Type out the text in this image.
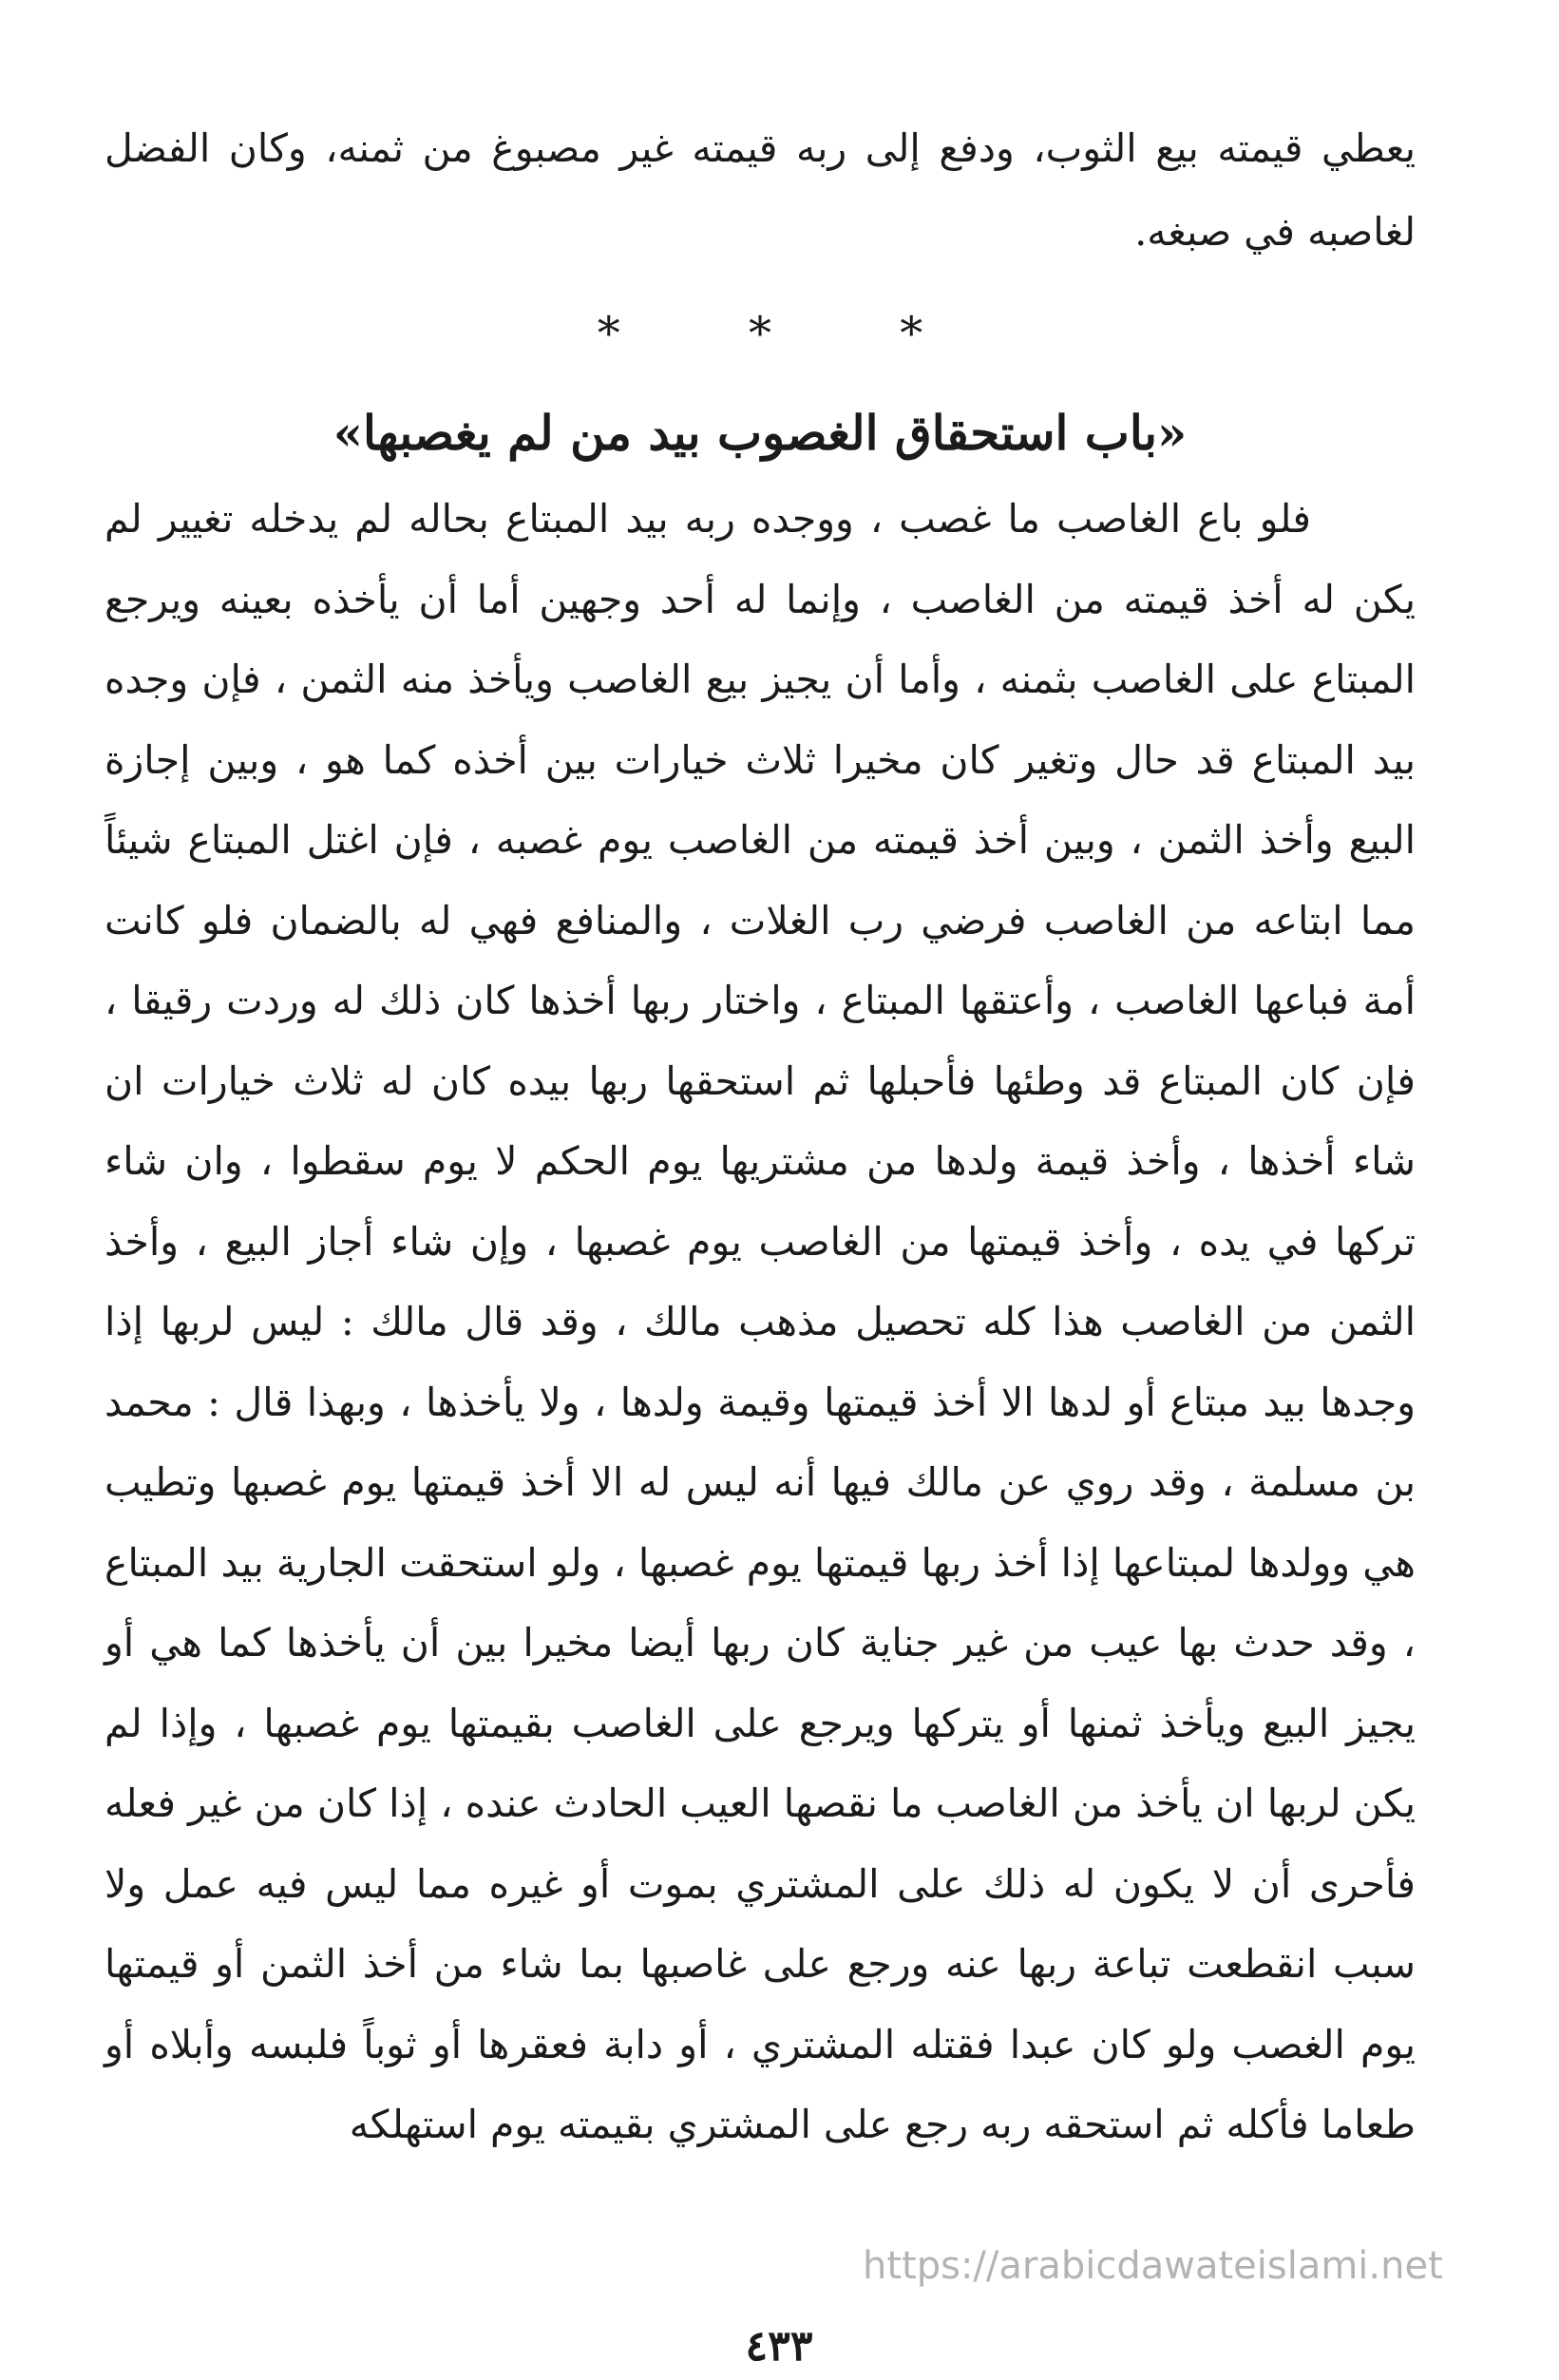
يعطي قيمته بيع الثوب، ودفع إلى ربه قيمته غير مصبوغ من ثمنه، وكان الفضل لغاصبه في صبغه.

* * *
«باب استحقاق الغصوب بيد من لم يغصبها»

فلو باع الغاصب ما غصب ، ووجده ربه بيد المبتاع بحاله لم يدخله تغيير لم يكن له أخذ قيمته من الغاصب ، وإنما له أحد وجهين أما أن يأخذه بعينه ويرجع المبتاع على الغاصب بثمنه ، وأما أن يجيز بيع الغاصب ويأخذ منه الثمن ، فإن وجده بيد المبتاع قد حال وتغير كان مخيرا ثلاث خيارات بين أخذه كما هو ، وبين إجازة البيع وأخذ الثمن ، وبين أخذ قيمته من الغاصب يوم غصبه ، فإن اغتل المبتاع شيئاً مما ابتاعه من الغاصب فرضي رب الغلات ، والمنافع فهي له بالضمان فلو كانت أمة فباعها الغاصب ، وأعتقها المبتاع ، واختار ربها أخذها كان ذلك له وردت رقيقا ، فإن كان المبتاع قد وطئها فأحبلها ثم استحقها ربها بيده كان له ثلاث خيارات ان شاء أخذها ، وأخذ قيمة ولدها من مشتريها يوم الحكم لا يوم سقطوا ، وان شاء تركها في يده ، وأخذ قيمتها من الغاصب يوم غصبها ، وإن شاء أجاز البيع ، وأخذ الثمن من الغاصب هذا كله تحصيل مذهب مالك ، وقد قال مالك : ليس لربها إذا وجدها بيد مبتاع أو لدها الا أخذ قيمتها وقيمة ولدها ، ولا يأخذها ، وبهذا قال : محمد بن مسلمة ، وقد روي عن مالك فيها أنه ليس له الا أخذ قيمتها يوم غصبها وتطيب هي وولدها لمبتاعها إذا أخذ ربها قيمتها يوم غصبها ، ولو استحقت الجارية بيد المبتاع ، وقد حدث بها عيب من غير جناية كان ربها أيضا مخيرا بين أن يأخذها كما هي أو يجيز البيع ويأخذ ثمنها أو يتركها ويرجع على الغاصب بقيمتها يوم غصبها ، وإذا لم يكن لربها ان يأخذ من الغاصب ما نقصها العيب الحادث عنده ، إذا كان من غير فعله فأحرى أن لا يكون له ذلك على المشتري بموت أو غيره مما ليس فيه عمل ولا سبب انقطعت تباعة ربها عنه ورجع على غاصبها بما شاء من أخذ الثمن أو قيمتها يوم الغصب ولو كان عبدا فقتله المشتري ، أو دابة فعقرها أو ثوباً فلبسه وأبلاه أو طعاما فأكله ثم استحقه ربه رجع على المشتري بقيمته يوم استهلكه

https://arabicdawateislami.net
٤٣٣
